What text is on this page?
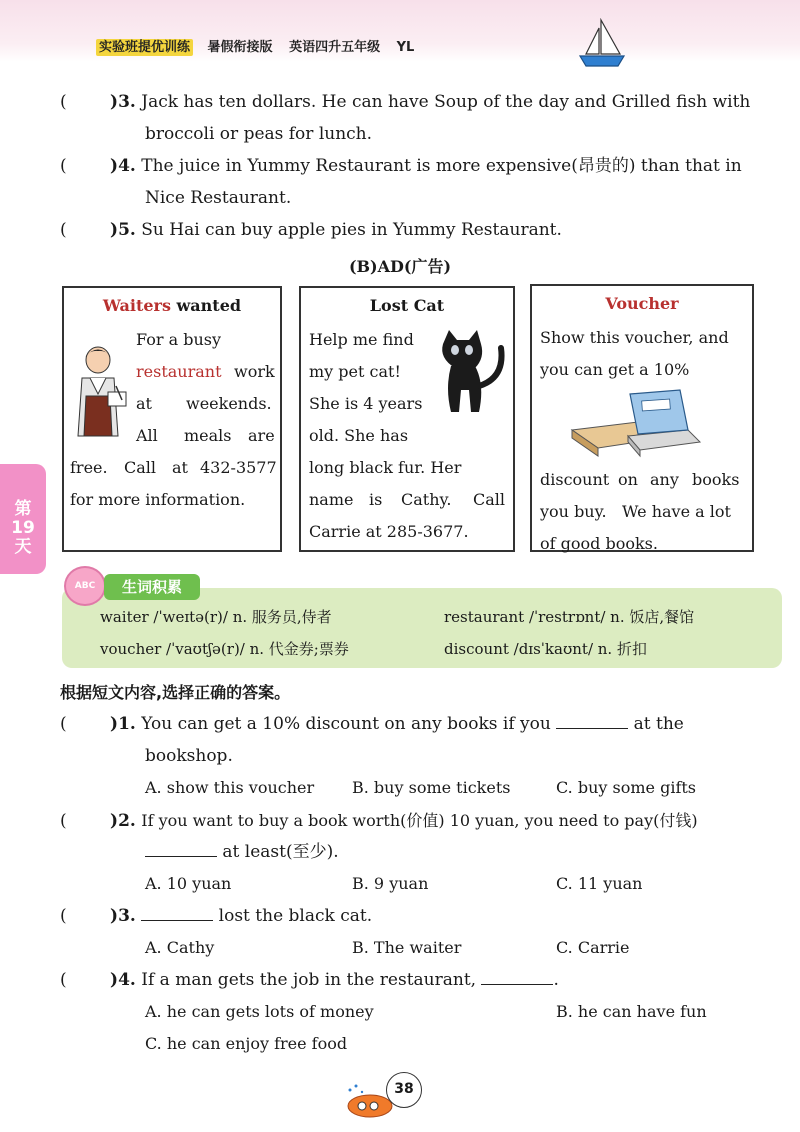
实验班提优训练 暑假衔接版 英语四升五年级 YL
(	)3. Jack has ten dollars. He can have Soup of the day and Grilled fish with
broccoli or peas for lunch.
(	)4. The juice in Yummy Restaurant is more expensive(昂贵的) than that in
Nice Restaurant.
(	)5. Su Hai can buy apple pies in Yummy Restaurant.
(B)AD(广告)
Waiters wanted
For a busy
restaurant work
at weekends.
All meals are
free. Call at 432-3577
for more information.
Lost Cat
Help me find
my pet cat!
She is 4 years
old. She has
long black fur. Her
name is Cathy. Call
Carrie at 285-3677.
Voucher
Show this voucher, and
you can get a 10%
discount on any books
you buy. We have a lot
of good books.
第
19
天
ABC	生词积累
waiter /ˈweɪtə(r)/ n. 服务员,侍者	restaurant /ˈrestrɒnt/ n. 饭店,餐馆
voucher /ˈvaʊtʃə(r)/ n. 代金券;票券	discount /dɪsˈkaʊnt/ n. 折扣
根据短文内容,选择正确的答案。
(	)1. You can get a 10% discount on any books if you	at the
bookshop.
A. show this voucher B. buy some tickets	C. buy some gifts
(	)2. If you want to buy a book worth(价值) 10 yuan, you need to pay(付钱)
at least(至少).
A. 10 yuan	B. 9 yuan	C. 11 yuan
(	)3.	lost the black cat.
A. Cathy	B. The waiter	C. Carrie
(	)4. If a man gets the job in the restaurant,	.
A. he can gets lots of money	B. he can have fun
C. he can enjoy free food
38
